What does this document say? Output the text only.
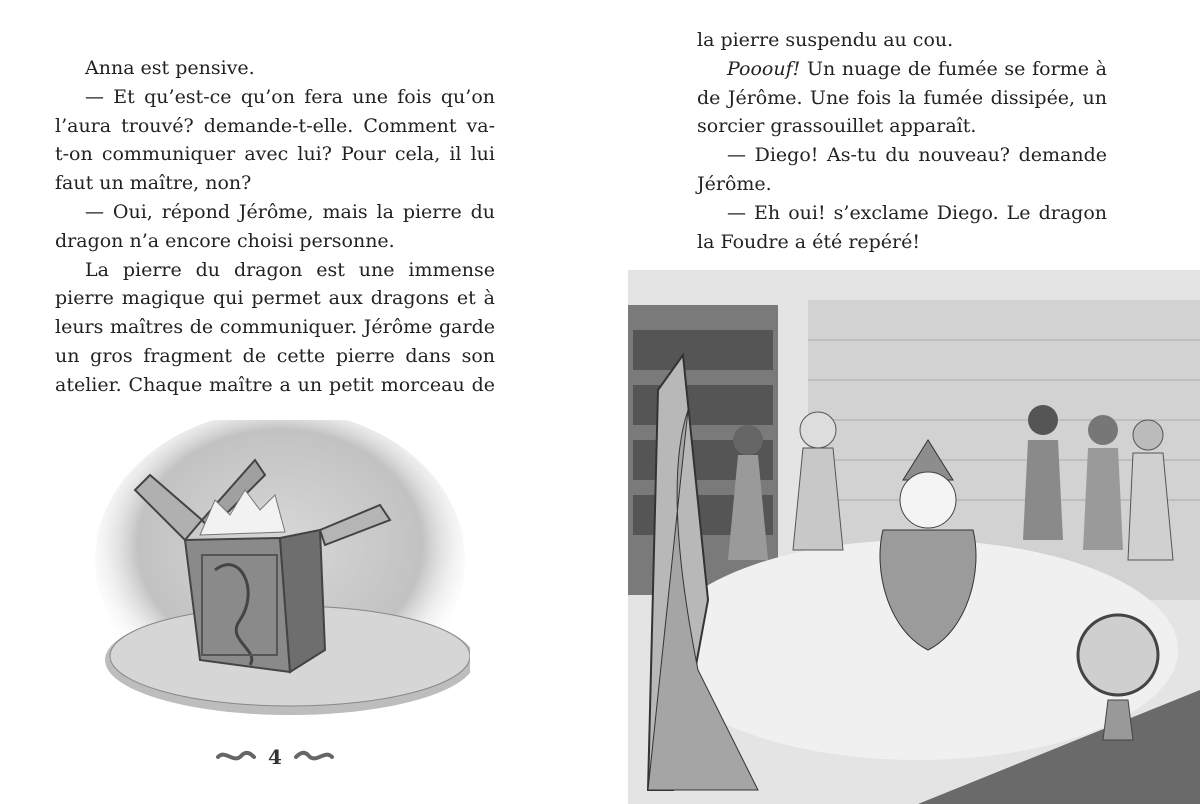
Anna est pensive.
— Et qu’est-ce qu’on fera une fois qu’on
l’aura trouvé? demande-t-elle. Comment va-
t-on communiquer avec lui? Pour cela, il lui
faut un maître, non?
— Oui, répond Jérôme, mais la pierre du
dragon n’a encore choisi personne.
La pierre du dragon est une immense
pierre magique qui permet aux dragons et à
leurs maîtres de communiquer. Jérôme garde
un gros fragment de cette pierre dans son
atelier. Chaque maître a un petit morceau de
4
la pierre suspendu au cou.
Pooouf! Un nuage de fumée se forme à
de Jérôme. Une fois la fumée dissipée, un
sorcier grassouillet apparaît.
— Diego! As-tu du nouveau? demande
Jérôme.
— Eh oui! s’exclame Diego. Le dragon
la Foudre a été repéré!
